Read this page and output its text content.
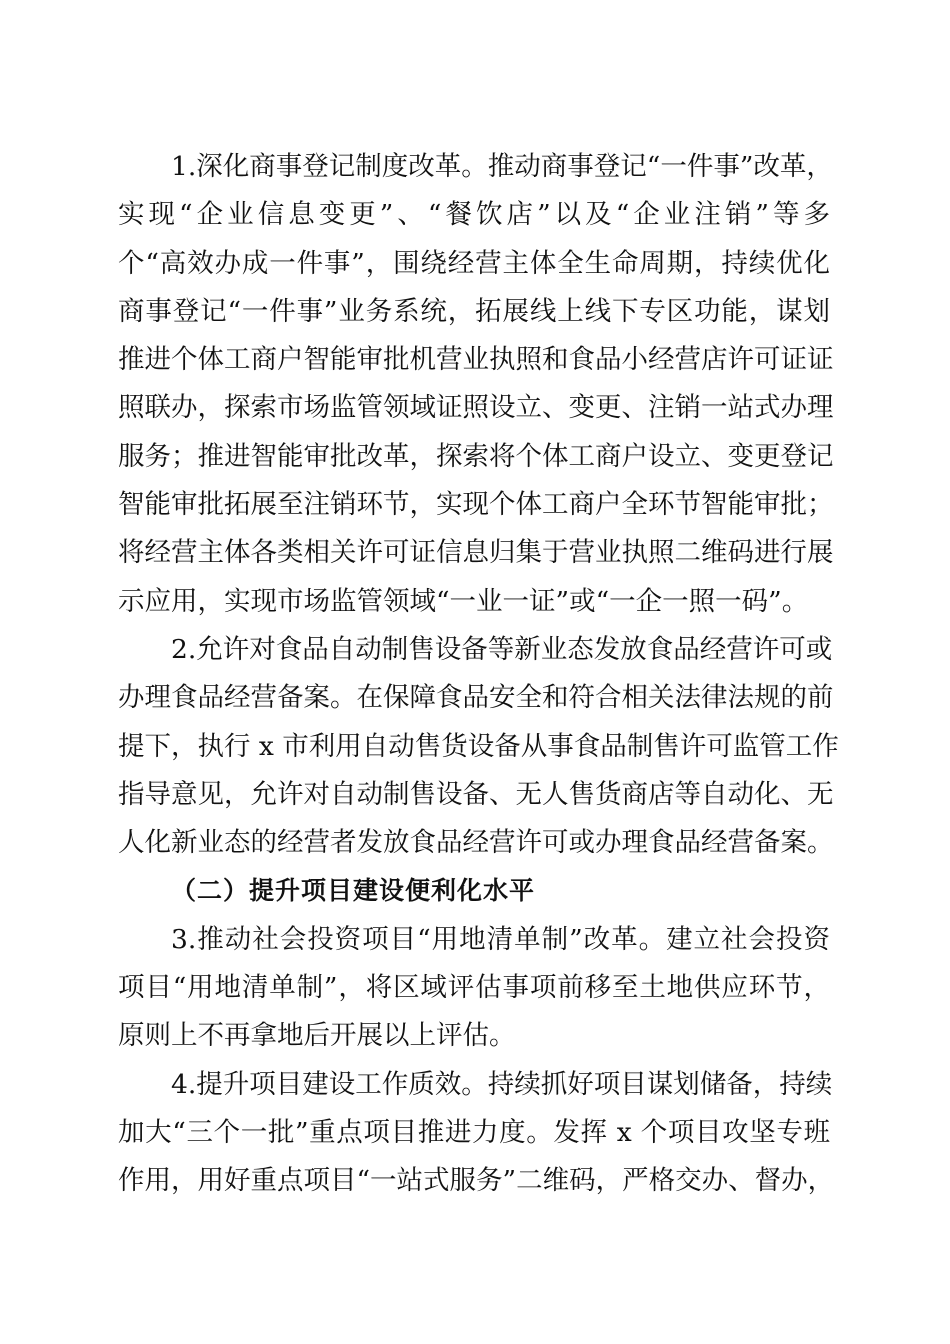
1.深化商事登记制度改革。推动商事登记“一件事”改革，
实现“企业信息变更”、“餐饮店”以及“企业注销”等多
个“高效办成一件事”，围绕经营主体全生命周期，持续优化
商事登记“一件事”业务系统，拓展线上线下专区功能，谋划
推进个体工商户智能审批机营业执照和食品小经营店许可证证
照联办，探索市场监管领域证照设立、变更、注销一站式办理
服务；推进智能审批改革，探索将个体工商户设立、变更登记
智能审批拓展至注销环节，实现个体工商户全环节智能审批；
将经营主体各类相关许可证信息归集于营业执照二维码进行展
示应用，实现市场监管领域“一业一证”或“一企一照一码”。
2.允许对食品自动制售设备等新业态发放食品经营许可或
办理食品经营备案。在保障食品安全和符合相关法律法规的前
提下，执行 x 市利用自动售货设备从事食品制售许可监管工作
指导意见，允许对自动制售设备、无人售货商店等自动化、无
人化新业态的经营者发放食品经营许可或办理食品经营备案。
（二）提升项目建设便利化水平
3.推动社会投资项目“用地清单制”改革。建立社会投资
项目“用地清单制”，将区域评估事项前移至土地供应环节，
原则上不再拿地后开展以上评估。
4.提升项目建设工作质效。持续抓好项目谋划储备，持续
加大“三个一批”重点项目推进力度。发挥 x 个项目攻坚专班
作用，用好重点项目“一站式服务”二维码，严格交办、督办，
